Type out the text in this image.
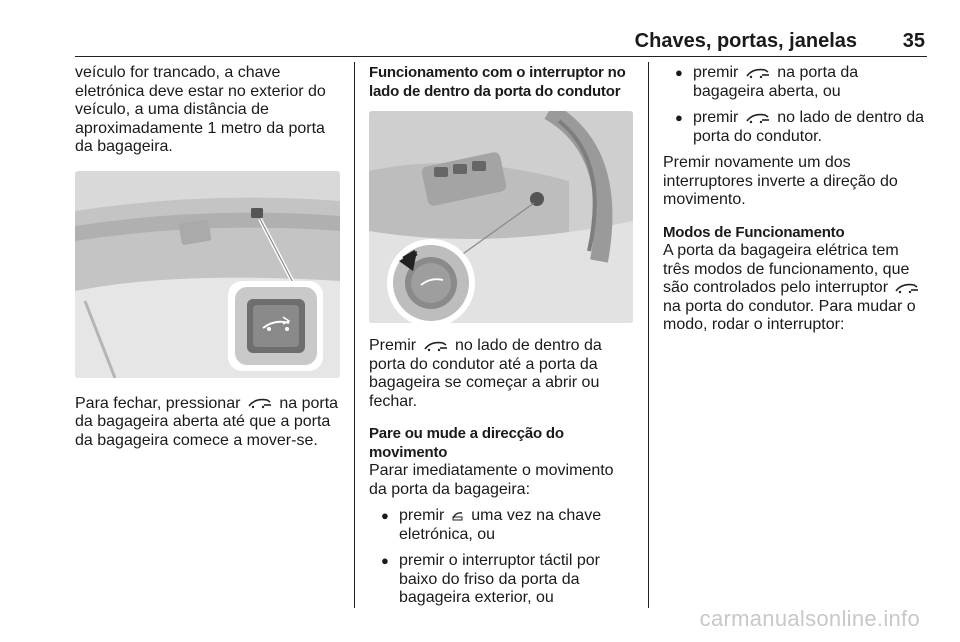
Chaves, portas, janelas 35

veículo for trancado, a chave eletrónica deve estar no exterior do veículo, a uma distância de aproximadamente 1 metro da porta da bagageira.

Para fechar, pressionar na porta da bagageira aberta até que a porta da bagageira comece a mover-se.

Funcionamento com o interruptor no lado de dentro da porta do condutor

Premir no lado de dentro da porta do condutor até a porta da bagageira se começar a abrir ou fechar.

Pare ou mude a direcção do movimento

Parar imediatamente o movimento da porta da bagageira:

● premir uma vez na chave eletrónica, ou

● premir o interruptor táctil por baixo do friso da porta da bagageira exterior, ou

● premir na porta da bagageira aberta, ou

● premir no lado de dentro da porta do condutor.

Premir novamente um dos interruptores inverte a direção do movimento.

Modos de Funcionamento

A porta da bagageira elétrica tem três modos de funcionamento, que são controlados pelo interruptor  na porta do condutor. Para mudar o modo, rodar o interruptor:

carmanualsonline.info
